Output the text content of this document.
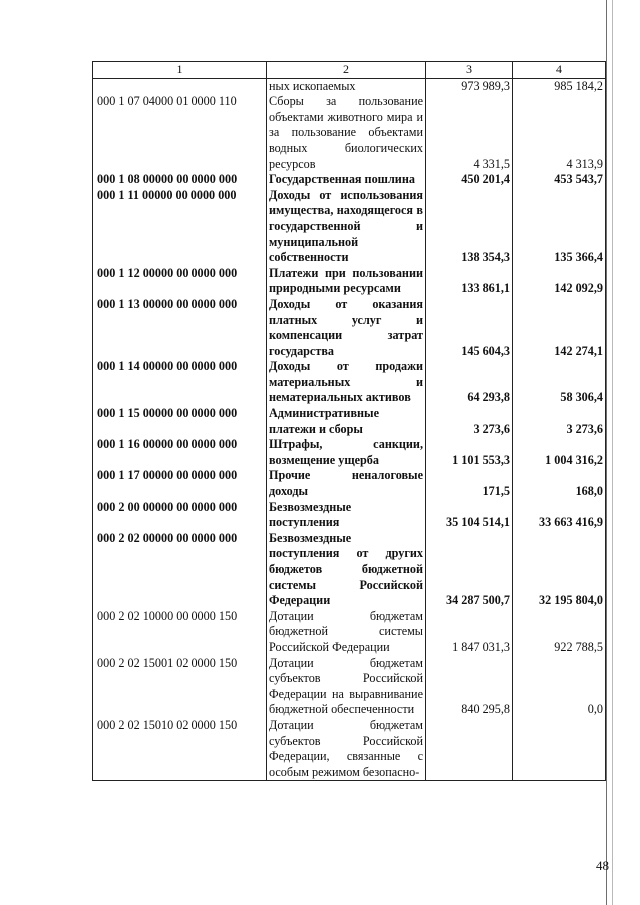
1	2	3	4
	ных ископаемых	973 989,3	985 184,2
000 1 07 04000 01 0000 110	Сборы за пользование объектами животного мира и за пользование объектами водных биологических ресурсов	4 331,5	4 313,9
000 1 08 00000 00 0000 000	Государственная пошлина	450 201,4	453 543,7
000 1 11 00000 00 0000 000	Доходы от использования имущества, находящегося в государственной и муниципальной собственности	138 354,3	135 366,4
000 1 12 00000 00 0000 000	Платежи при пользовании природными ресурсами	133 861,1	142 092,9
000 1 13 00000 00 0000 000	Доходы от оказания платных услуг и компенсации затрат государства	145 604,3	142 274,1
000 1 14 00000 00 0000 000	Доходы от продажи материальных и нематериальных активов	64 293,8	58 306,4
000 1 15 00000 00 0000 000	Административные платежи и сборы	3 273,6	3 273,6
000 1 16 00000 00 0000 000	Штрафы, санкции, возмещение ущерба	1 101 553,3	1 004 316,2
000 1 17 00000 00 0000 000	Прочие неналоговые доходы	171,5	168,0
000 2 00 00000 00 0000 000	Безвозмездные поступления	35 104 514,1	33 663 416,9
000 2 02 00000 00 0000 000	Безвозмездные поступления от других бюджетов бюджетной системы Российской Федерации	34 287 500,7	32 195 804,0
000 2 02 10000 00 0000 150	Дотации бюджетам бюджетной системы Российской Федерации	1 847 031,3	922 788,5
000 2 02 15001 02 0000 150	Дотации бюджетам субъектов Российской Федерации на выравнивание бюджетной обеспеченности	840 295,8	0,0
000 2 02 15010 02 0000 150	Дотации бюджетам субъектов Российской Федерации, связанные с особым режимом безопасно-		
48
